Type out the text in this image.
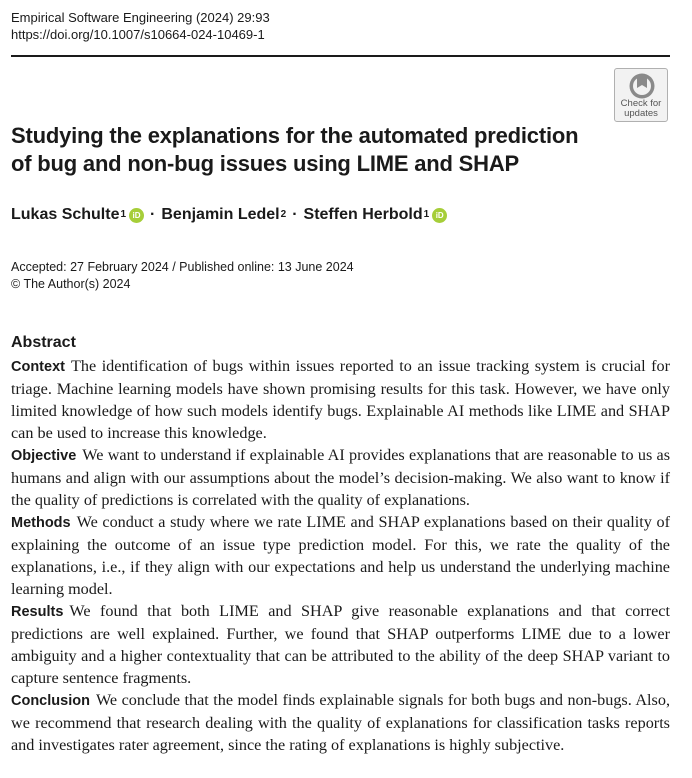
Empirical Software Engineering (2024) 29:93
https://doi.org/10.1007/s10664-024-10469-1
Check for
updates
Studying the explanations for the automated prediction of bug and non-bug issues using LIME and SHAP
Lukas Schulte 1 iD · Benjamin Ledel 2 · Steffen Herbold 1 iD
Accepted: 27 February 2024 / Published online: 13 June 2024
© The Author(s) 2024
Abstract

Context The identification of bugs within issues reported to an issue tracking system is crucial for triage. Machine learning models have shown promising results for this task. However, we have only limited knowledge of how such models identify bugs. Explainable AI methods like LIME and SHAP can be used to increase this knowledge.

Objective We want to understand if explainable AI provides explanations that are reasonable to us as humans and align with our assumptions about the model’s decision-making. We also want to know if the quality of predictions is correlated with the quality of explanations.

Methods We conduct a study where we rate LIME and SHAP explanations based on their quality of explaining the outcome of an issue type prediction model. For this, we rate the quality of the explanations, i.e., if they align with our expectations and help us understand the underlying machine learning model.

Results We found that both LIME and SHAP give reasonable explanations and that correct predictions are well explained. Further, we found that SHAP outperforms LIME due to a lower ambiguity and a higher contextuality that can be attributed to the ability of the deep SHAP variant to capture sentence fragments.

Conclusion We conclude that the model finds explainable signals for both bugs and non-bugs. Also, we recommend that research dealing with the quality of explanations for classification tasks reports and investigates rater agreement, since the rating of explanations is highly subjective.
